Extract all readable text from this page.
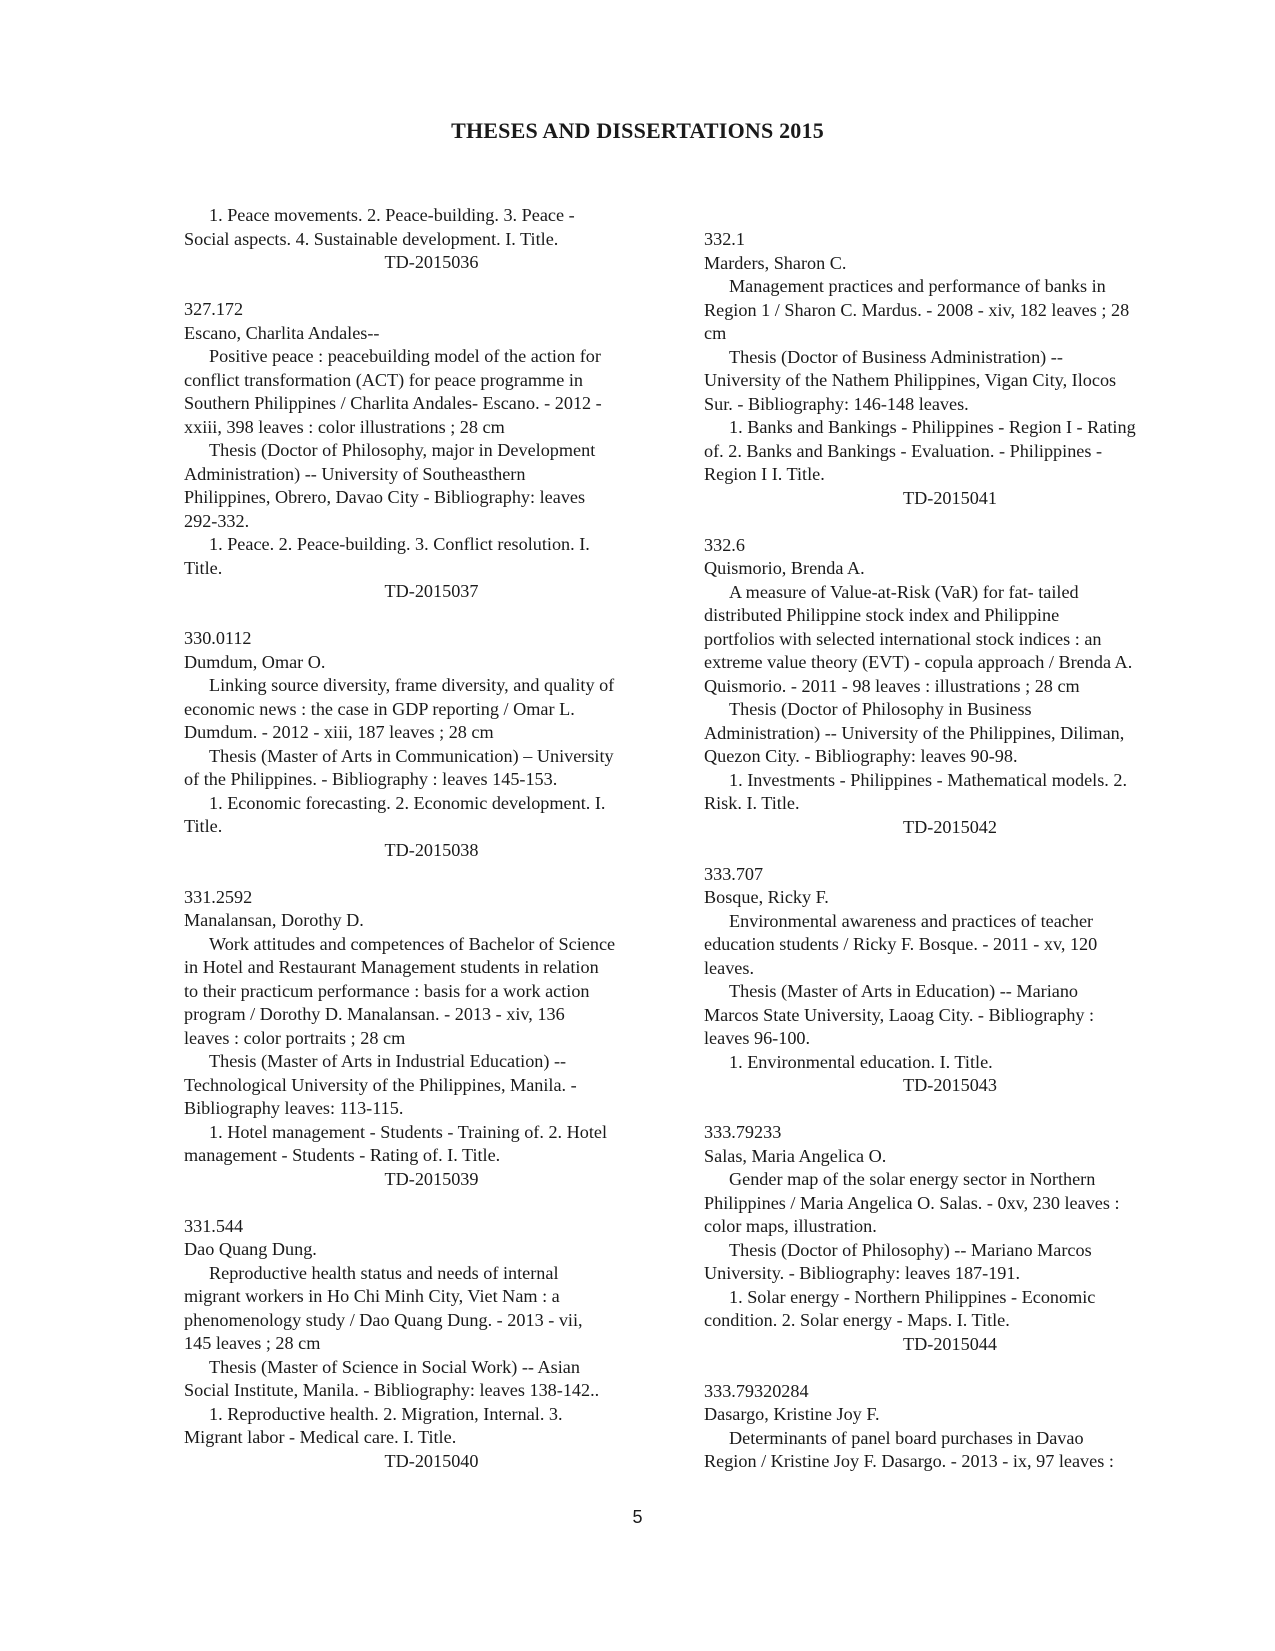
THESES AND DISSERTATIONS 2015
1. Peace movements. 2. Peace-building. 3. Peace -
Social aspects. 4. Sustainable development. I. Title.
TD-2015036
327.172
Escano, Charlita Andales--
Positive peace : peacebuilding model of the action for
conflict transformation (ACT) for peace programme in
Southern Philippines / Charlita Andales- Escano. - 2012 -
xxiii, 398 leaves : color illustrations ; 28 cm
Thesis (Doctor of Philosophy, major in Development
Administration) -- University of Southeasthern
Philippines, Obrero, Davao City - Bibliography: leaves
292-332.
1. Peace. 2. Peace-building. 3. Conflict resolution. I.
Title.
TD-2015037
330.0112
Dumdum, Omar O.
Linking source diversity, frame diversity, and quality of
economic news : the case in GDP reporting / Omar L.
Dumdum. - 2012 - xiii, 187 leaves ; 28 cm
Thesis (Master of Arts in Communication) – University
of the Philippines. - Bibliography : leaves 145-153.
1. Economic forecasting. 2. Economic development. I.
Title.
TD-2015038
331.2592
Manalansan, Dorothy D.
Work attitudes and competences of Bachelor of Science
in Hotel and Restaurant Management students in relation
to their practicum performance : basis for a work action
program / Dorothy D. Manalansan. - 2013 - xiv, 136
leaves : color portraits ; 28 cm
Thesis (Master of Arts in Industrial Education) --
Technological University of the Philippines, Manila. -
Bibliography leaves: 113-115.
1. Hotel management - Students - Training of. 2. Hotel
management - Students - Rating of. I. Title.
TD-2015039
331.544
Dao Quang Dung.
Reproductive health status and needs of internal
migrant workers in Ho Chi Minh City, Viet Nam : a
phenomenology study / Dao Quang Dung. - 2013 - vii,
145 leaves ; 28 cm
Thesis (Master of Science in Social Work) -- Asian
Social Institute, Manila. - Bibliography: leaves 138-142..
1. Reproductive health. 2. Migration, Internal. 3.
Migrant labor - Medical care. I. Title.
TD-2015040
332.1
Marders, Sharon C.
Management practices and performance of banks in
Region 1 / Sharon C. Mardus. - 2008 - xiv, 182 leaves ; 28
cm
Thesis (Doctor of Business Administration) --
University of the Nathem Philippines, Vigan City, Ilocos
Sur. - Bibliography: 146-148 leaves.
1. Banks and Bankings - Philippines - Region I - Rating
of. 2. Banks and Bankings - Evaluation. - Philippines -
Region I I. Title.
TD-2015041
332.6
Quismorio, Brenda A.
A measure of Value-at-Risk (VaR) for fat- tailed
distributed Philippine stock index and Philippine
portfolios with selected international stock indices : an
extreme value theory (EVT) - copula approach / Brenda A.
Quismorio. - 2011 - 98 leaves : illustrations ; 28 cm
Thesis (Doctor of Philosophy in Business
Administration) -- University of the Philippines, Diliman,
Quezon City. - Bibliography: leaves 90-98.
1. Investments - Philippines - Mathematical models. 2.
Risk. I. Title.
TD-2015042
333.707
Bosque, Ricky F.
Environmental awareness and practices of teacher
education students / Ricky F. Bosque. - 2011 - xv, 120
leaves.
Thesis (Master of Arts in Education) -- Mariano
Marcos State University, Laoag City. - Bibliography :
leaves 96-100.
1. Environmental education. I. Title.
TD-2015043
333.79233
Salas, Maria Angelica O.
Gender map of the solar energy sector in Northern
Philippines / Maria Angelica O. Salas. - 0xv, 230 leaves :
color maps, illustration.
Thesis (Doctor of Philosophy) -- Mariano Marcos
University. - Bibliography: leaves 187-191.
1. Solar energy - Northern Philippines - Economic
condition. 2. Solar energy - Maps. I. Title.
TD-2015044
333.79320284
Dasargo, Kristine Joy F.
Determinants of panel board purchases in Davao
Region / Kristine Joy F. Dasargo. - 2013 - ix, 97 leaves :
5
